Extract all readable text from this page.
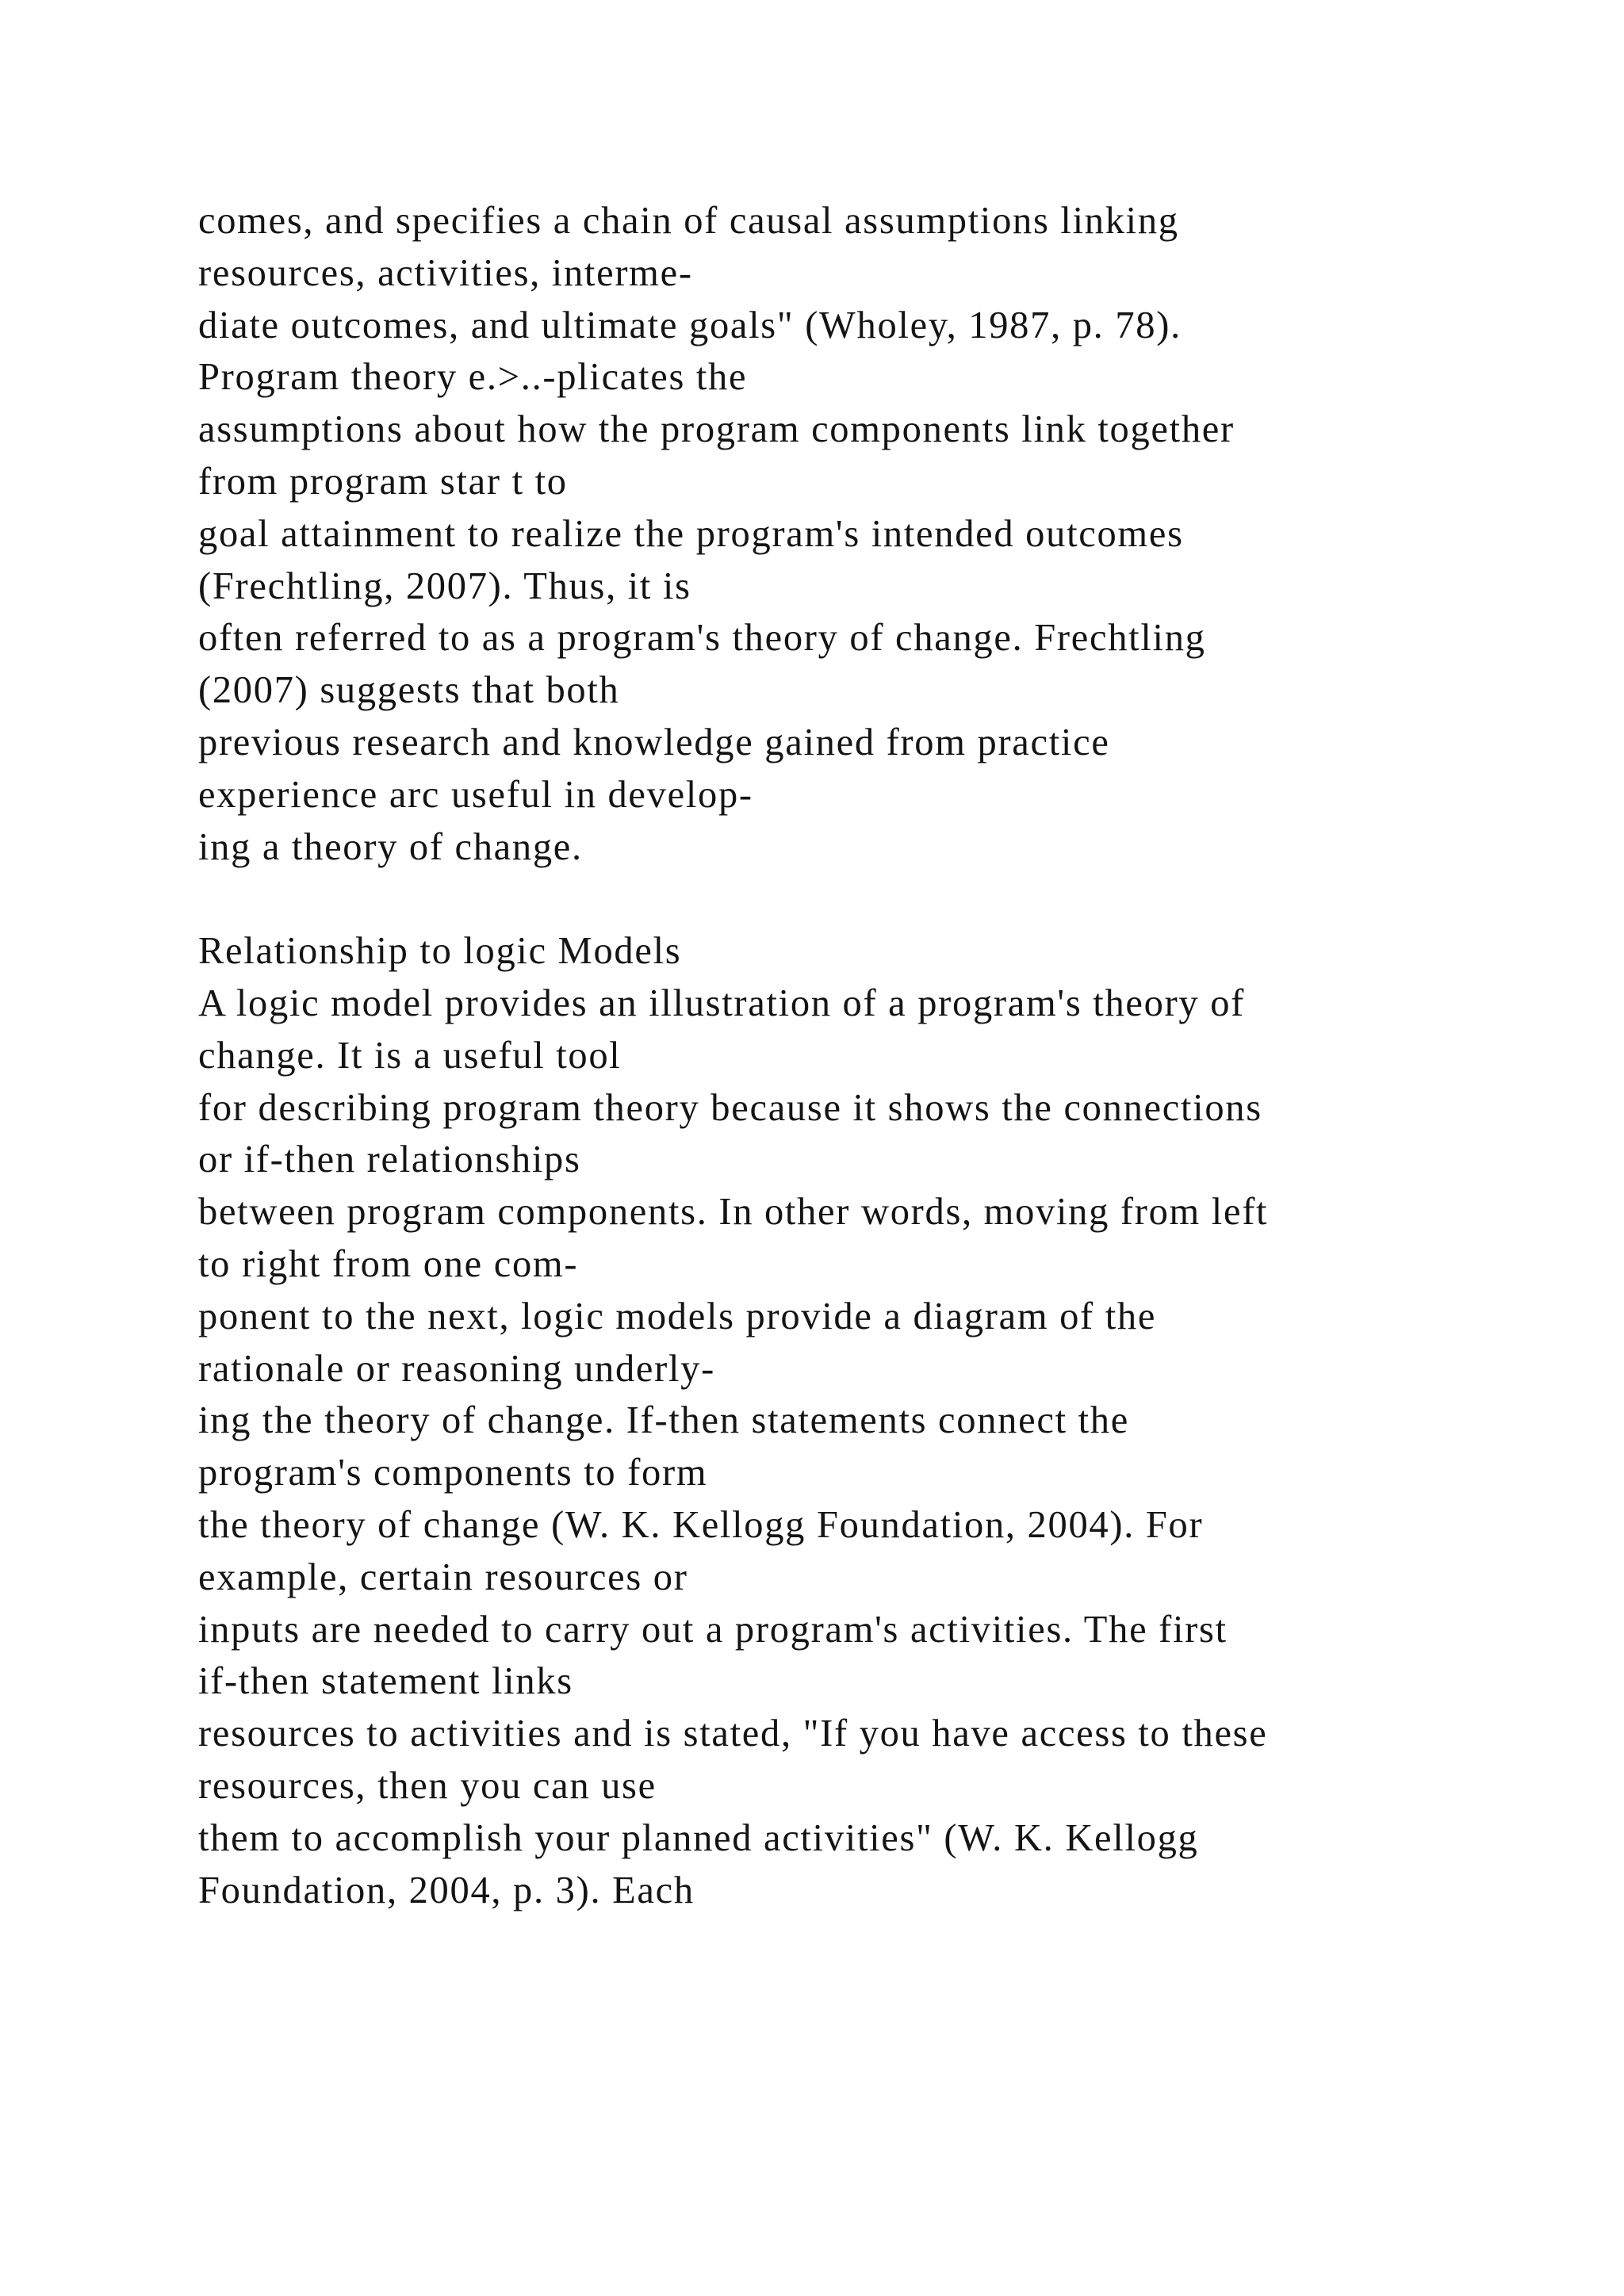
comes, and specifies a chain of causal assumptions linking
resources, activities, interme-
diate outcomes, and ultimate goals" (Wholey, 1987, p. 78).
Program theory e.>..-plicates the
assumptions about how the program components link together
from program star t to
goal attainment to realize the program's intended outcomes
(Frechtling, 2007). Thus, it is
often referred to as a program's theory of change. Frechtling
(2007) suggests that both
previous research and knowledge gained from practice
experience arc useful in develop-
ing a theory of change.
Relationship to logic Models
A logic model provides an illustration of a program's theory of
change. It is a useful tool
for describing program theory because it shows the connections
or if-then relationships
between program components. In other words, moving from left
to right from one com-
ponent to the next, logic models provide a diagram of the
rationale or reasoning underly-
ing the theory of change. If-then statements connect the
program's components to form
the theory of change (W. K. Kellogg Foundation, 2004). For
example, certain resources or
inputs are needed to carry out a program's activities. The first
if-then statement links
resources to activities and is stated, "If you have access to these
resources, then you can use
them to accomplish your planned activities" (W. K. Kellogg
Foundation, 2004, p. 3). Each
